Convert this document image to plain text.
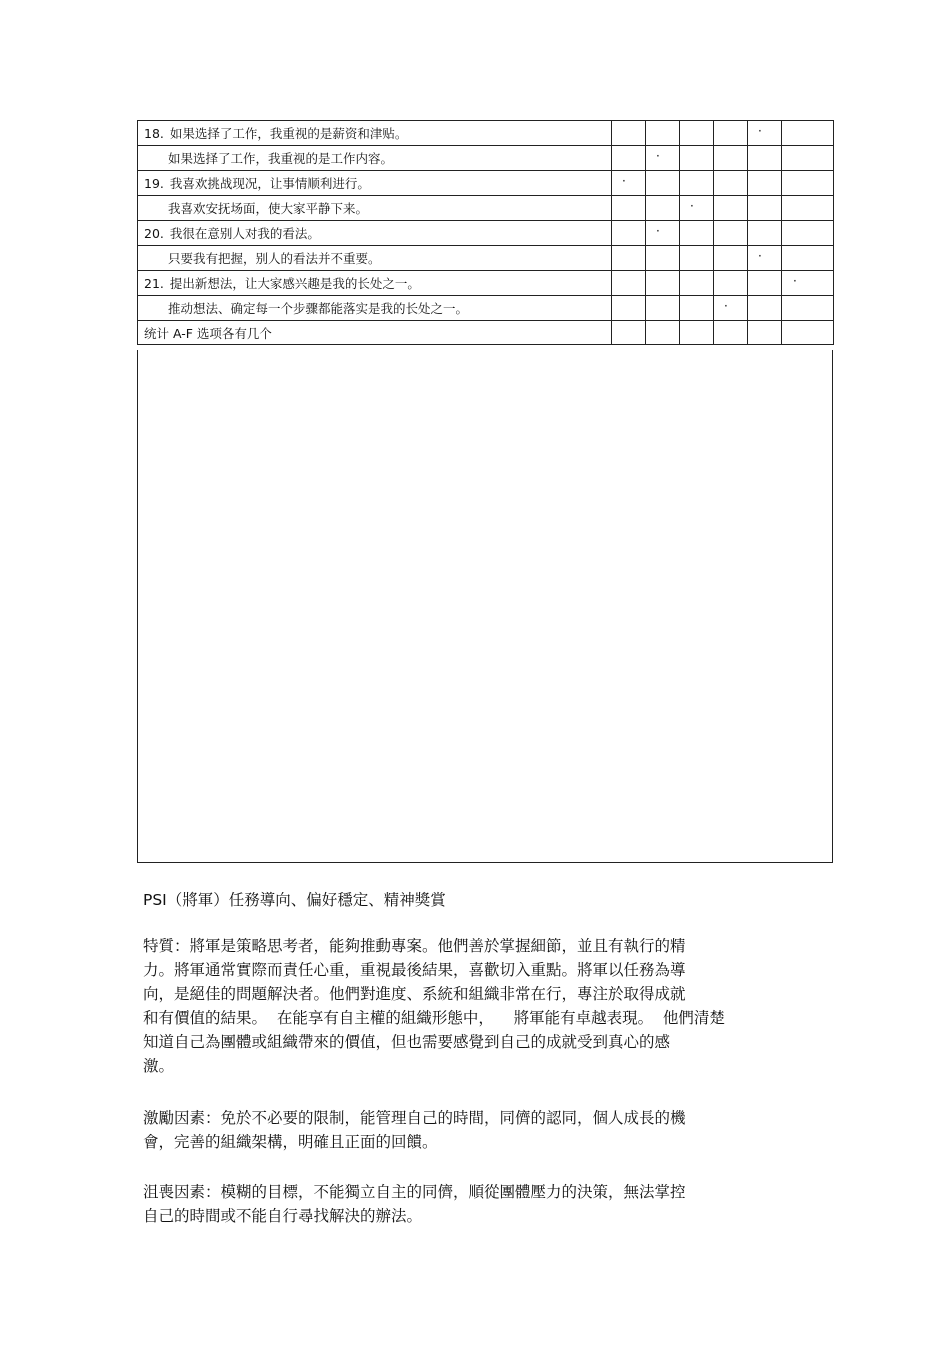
18. 如果选择了工作，我重视的是薪资和津贴。					·	

如果选择了工作，我重视的是工作内容。		·				

19. 我喜欢挑战现况，让事情顺利进行。	·					

我喜欢安抚场面，使大家平静下来。			·			

20. 我很在意别人对我的看法。		·				

只要我有把握，别人的看法并不重要。					·	

21. 提出新想法，让大家感兴趣是我的长处之一。						·

推动想法、确定每一个步骤都能落实是我的长处之一。				·		

统计 A-F 选项各有几个						

PSI（將軍）任務導向、偏好穩定、精神獎賞

特質：將軍是策略思考者，能夠推動專案。他們善於掌握細節，並且有執行的精

力。將軍通常實際而責任心重，重視最後結果，喜歡切入重點。將軍以任務為導

向，是絕佳的問題解決者。他們對進度、系統和組織非常在行，專注於取得成就

和有價值的結果。  在能享有自主權的組織形態中，    將軍能有卓越表現。  他們清楚

知道自己為團體或組織帶來的價值，但也需要感覺到自己的成就受到真心的感

激。

激勵因素：免於不必要的限制，能管理自己的時間，同儕的認同，個人成長的機

會，完善的組織架構，明確且正面的回饋。

沮喪因素：模糊的目標，不能獨立自主的同儕，順從團體壓力的決策，無法掌控

自己的時間或不能自行尋找解決的辦法。
